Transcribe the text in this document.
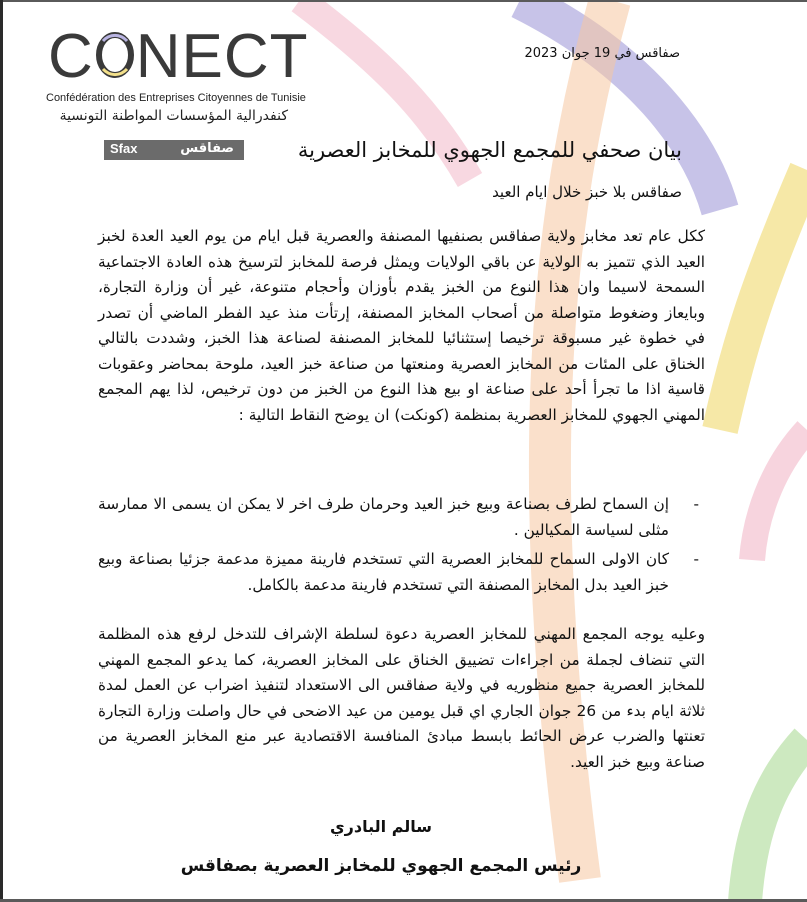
C NECT
Confédération des Entreprises Citoyennes de Tunisie
كنفدرالية المؤسسات المواطنة التونسية
صفاقس في 19 جوان 2023
Sfax	صفاقس	بيان صحفي للمجمع الجهوي للمخابز العصرية
صفاقس بلا خبز خلال ايام العيد
ككل عام تعد مخابز ولاية صفاقس بصنفيها المصنفة والعصرية قبل ايام من يوم العيد العدة لخبز العيد الذي تتميز به الولاية عن باقي الولايات ويمثل فرصة للمخابز لترسيخ هذه العادة الاجتماعية السمحة لاسيما وان هذا النوع من الخبز يقدم بأوزان وأحجام متنوعة، غير أن وزارة التجارة، وبايعاز وضغوط متواصلة من أصحاب المخابز المصنفة، إرتأت منذ عيد الفطر الماضي أن تصدر في خطوة غير مسبوقة ترخيصا إستثنائيا للمخابز المصنفة لصناعة هذا الخبز، وشددت بالتالي الخناق على المئات من المخابز العصرية ومنعتها من صناعة خبز العيد، ملوحة بمحاضر وعقوبات قاسية اذا ما تجرأ أحد على صناعة او بيع هذا النوع من الخبز من دون ترخيص، لذا يهم المجمع المهني الجهوي للمخابز العصرية بمنظمة (كونكت) ان يوضح النقاط التالية :
-
إن السماح لطرف بصناعة وبيع خبز العيد وحرمان طرف اخر لا يمكن ان يسمى الا ممارسة مثلى لسياسة المكيالين .
-
كان الاولى السماح للمخابز العصرية التي تستخدم فارينة مميزة مدعمة جزئيا بصناعة وبيع خبز العيد بدل المخابز المصنفة التي تستخدم فارينة مدعمة بالكامل.
وعليه يوجه المجمع المهني للمخابز العصرية دعوة لسلطة الإشراف للتدخل لرفع هذه المظلمة التي تنضاف لجملة من اجراءات تضييق الخناق على المخابز العصرية، كما يدعو المجمع المهني للمخابز العصرية جميع منظوريه في ولاية صفاقس الى الاستعداد لتنفيذ اضراب عن العمل لمدة ثلاثة ايام بدء من 26 جوان الجاري اي قبل يومين من عيد الاضحى في حال واصلت وزارة التجارة تعنتها والضرب عرض الحائط بابسط مبادئ المنافسة الاقتصادية عبر منع المخابز العصرية من صناعة وبيع خبز العيد.
سالم البادري
رئيس المجمع الجهوي للمخابز العصرية بصفاقس
